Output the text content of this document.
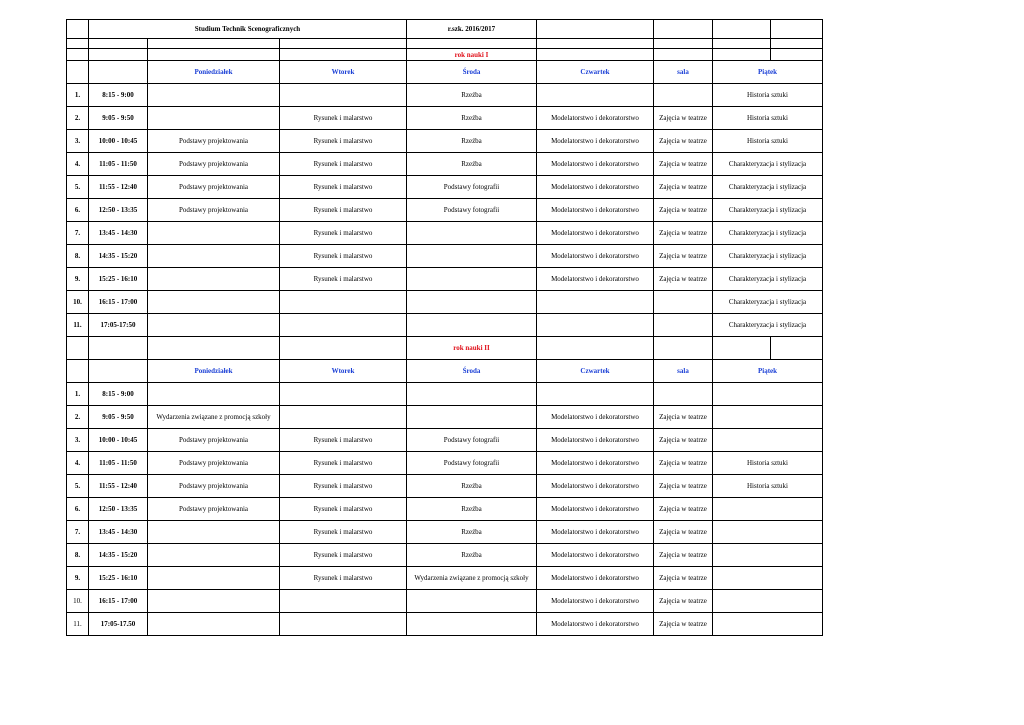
	Studium Technik Scenograficznych			r.szk. 2016/2017				

				rok nauki I				
		Poniedziałek	Wtorek	Środa	Czwartek	sala	Piątek	
1.	8:15 - 9:00			Rzeźba			Historia sztuki	
2.	9:05 - 9:50		Rysunek i malarstwo	Rzeźba	Modelatorstwo i dekoratorstwo	Zajęcia w teatrze	Historia sztuki	
3.	10:00 - 10:45	Podstawy projektowania	Rysunek i malarstwo	Rzeźba	Modelatorstwo i dekoratorstwo	Zajęcia w teatrze	Historia sztuki	
4.	11:05 - 11:50	Podstawy projektowania	Rysunek i malarstwo	Rzeźba	Modelatorstwo i dekoratorstwo	Zajęcia w teatrze	Charakteryzacja i stylizacja	
5.	11:55 - 12:40	Podstawy projektowania	Rysunek i malarstwo	Podstawy fotografii	Modelatorstwo i dekoratorstwo	Zajęcia w teatrze	Charakteryzacja i stylizacja	
6.	12:50 - 13:35	Podstawy projektowania	Rysunek i malarstwo	Podstawy fotografii	Modelatorstwo i dekoratorstwo	Zajęcia w teatrze	Charakteryzacja i stylizacja	
7.	13:45 - 14:30		Rysunek i malarstwo		Modelatorstwo i dekoratorstwo	Zajęcia w teatrze	Charakteryzacja i stylizacja	
8.	14:35 - 15:20		Rysunek i malarstwo		Modelatorstwo i dekoratorstwo	Zajęcia w teatrze	Charakteryzacja i stylizacja	
9.	15:25 - 16:10		Rysunek i malarstwo		Modelatorstwo i dekoratorstwo	Zajęcia w teatrze	Charakteryzacja i stylizacja	
10.	16:15 - 17:00						Charakteryzacja i stylizacja	
11.	17:05-17:50						Charakteryzacja i stylizacja	
				rok nauki II				
		Poniedziałek	Wtorek	Środa	Czwartek	sala	Piątek	
1.	8:15 - 9:00							
2.	9:05 - 9:50	Wydarzenia związane z promocją szkoły			Modelatorstwo i dekoratorstwo	Zajęcia w teatrze		
3.	10:00 - 10:45	Podstawy projektowania	Rysunek i malarstwo	Podstawy fotografii	Modelatorstwo i dekoratorstwo	Zajęcia w teatrze		
4.	11:05 - 11:50	Podstawy projektowania	Rysunek i malarstwo	Podstawy fotografii	Modelatorstwo i dekoratorstwo	Zajęcia w teatrze	Historia sztuki	
5.	11:55 - 12:40	Podstawy projektowania	Rysunek i malarstwo	Rzeźba	Modelatorstwo i dekoratorstwo	Zajęcia w teatrze	Historia sztuki	
6.	12:50 - 13:35	Podstawy projektowania	Rysunek i malarstwo	Rzeźba	Modelatorstwo i dekoratorstwo	Zajęcia w teatrze		
7.	13:45 - 14:30		Rysunek i malarstwo	Rzeźba	Modelatorstwo i dekoratorstwo	Zajęcia w teatrze		
8.	14:35 - 15:20		Rysunek i malarstwo	Rzeźba	Modelatorstwo i dekoratorstwo	Zajęcia w teatrze		
9.	15:25 - 16:10		Rysunek i malarstwo	Wydarzenia związane z promocją szkoły	Modelatorstwo i dekoratorstwo	Zajęcia w teatrze		
10.	16:15 - 17:00				Modelatorstwo i dekoratorstwo	Zajęcia w teatrze		
11.	17:05-17.50				Modelatorstwo i dekoratorstwo	Zajęcia w teatrze		
